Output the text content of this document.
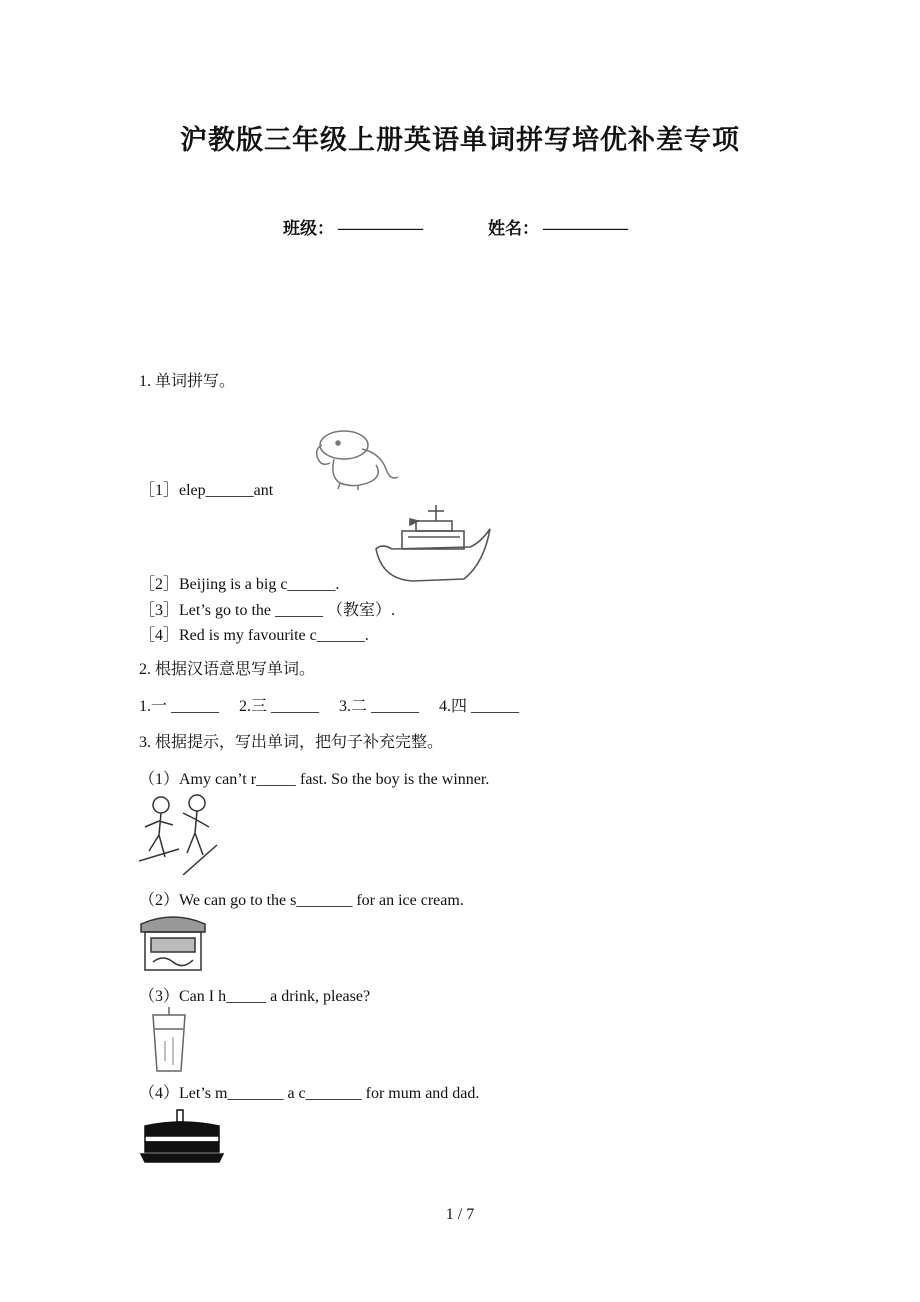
沪教版三年级上册英语单词拼写培优补差专项
班级： __________	姓名： __________
1. 单词拼写。
［1］elep______ant
［2］Beijing is a big c______.
［3］Let’s go to the ______ （教室）.
［4］Red is my favourite c______.
2. 根据汉语意思写单词。
1.一 ______     2.三 ______     3.二 ______     4.四 ______
3. 根据提示，写出单词，把句子补充完整。
（1）Amy can’t r_____ fast. So the boy is the winner.
（2）We can go to the s_______ for an ice cream.
（3）Can I h_____ a drink, please?
（4）Let’s m_______ a c_______ for mum and dad.
1 / 7
